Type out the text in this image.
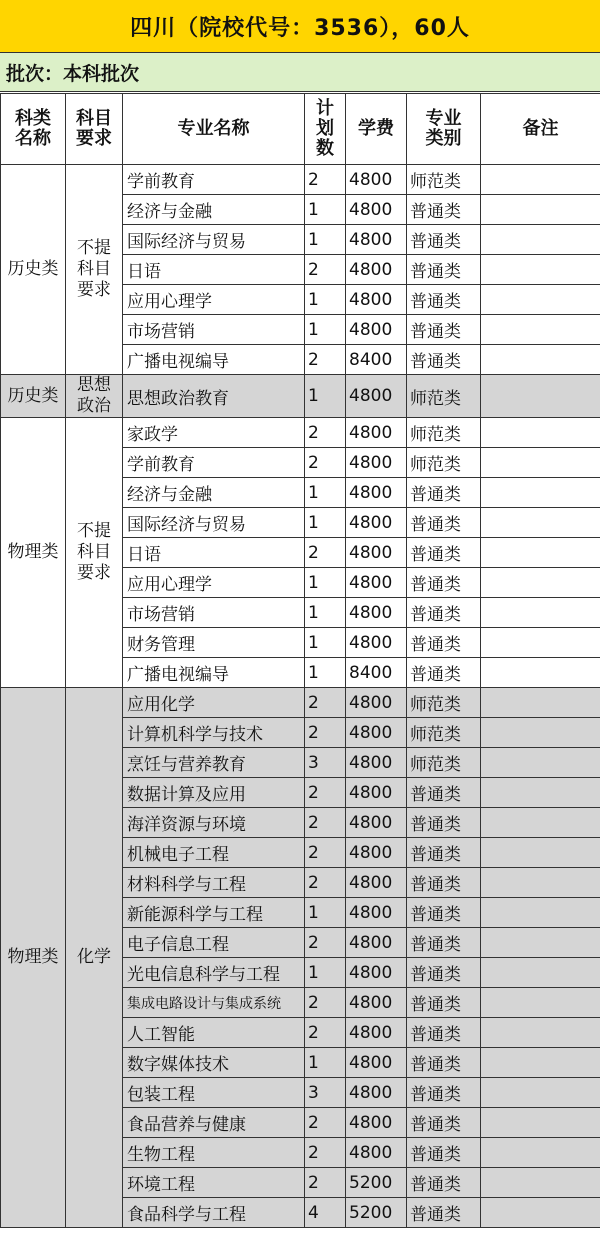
四川（院校代号：3536），60人
批次：本科批次
科类名称	科目要求	专业名称	计划数	学费	专业类别	备注
历史类	不提科目要求	学前教育	2	4800	师范类	
		经济与金融	1	4800	普通类	
		国际经济与贸易	1	4800	普通类	
		日语	2	4800	普通类	
		应用心理学	1	4800	普通类	
		市场营销	1	4800	普通类	
		广播电视编导	2	8400	普通类	
历史类	思想政治	思想政治教育	1	4800	师范类	
物理类	不提科目要求	家政学	2	4800	师范类	
		学前教育	2	4800	师范类	
		经济与金融	1	4800	普通类	
		国际经济与贸易	1	4800	普通类	
		日语	2	4800	普通类	
		应用心理学	1	4800	普通类	
		市场营销	1	4800	普通类	
		财务管理	1	4800	普通类	
		广播电视编导	1	8400	普通类	
物理类	化学	应用化学	2	4800	师范类	
		计算机科学与技术	2	4800	师范类	
		烹饪与营养教育	3	4800	师范类	
		数据计算及应用	2	4800	普通类	
		海洋资源与环境	2	4800	普通类	
		机械电子工程	2	4800	普通类	
		材料科学与工程	2	4800	普通类	
		新能源科学与工程	1	4800	普通类	
		电子信息工程	2	4800	普通类	
		光电信息科学与工程	1	4800	普通类	
		集成电路设计与集成系统	2	4800	普通类	
		人工智能	2	4800	普通类	
		数字媒体技术	1	4800	普通类	
		包装工程	3	4800	普通类	
		食品营养与健康	2	4800	普通类	
		生物工程	2	4800	普通类	
		环境工程	2	5200	普通类	
		食品科学与工程	4	5200	普通类	
